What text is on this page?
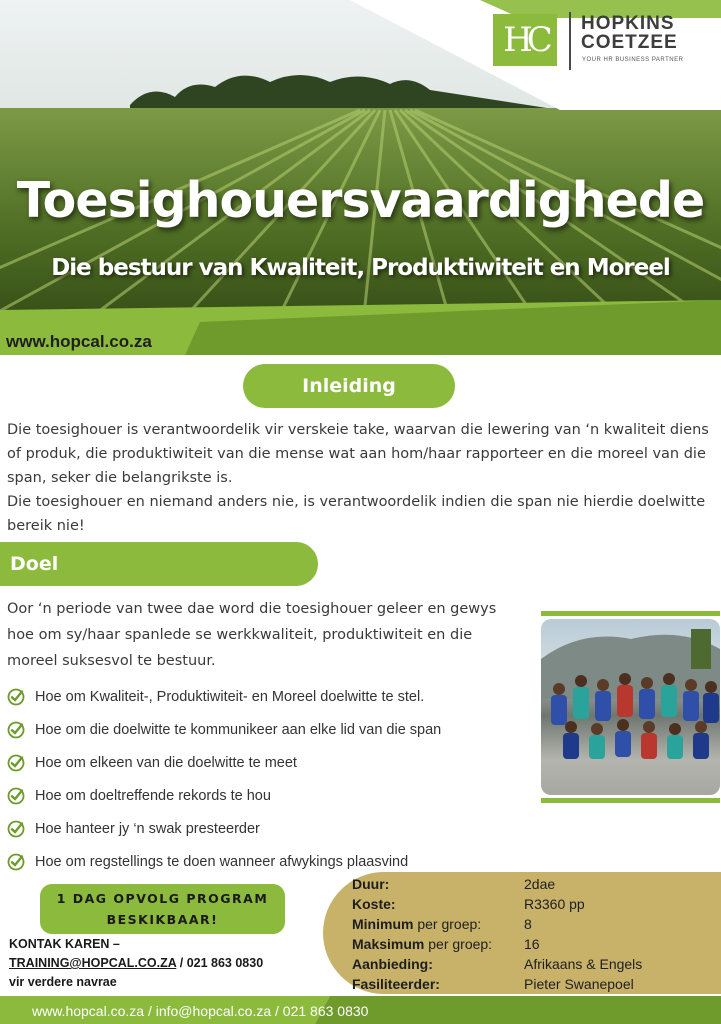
HC HOPKINS
COETZEE
YOUR HR BUSINESS PARTNER
Toesighouersvaardighede
Die bestuur van Kwaliteit, Produktiwiteit en Moreel
www.hopcal.co.za
Inleiding
Die toesighouer is verantwoordelik vir verskeie take, waarvan die lewering van ‘n kwaliteit diens of produk, die produktiwiteit van die mense wat aan hom/haar rapporteer en die moreel van die span, seker die belangrikste is.
Die toesighouer en niemand anders nie, is verantwoordelik indien die span nie hierdie doelwitte bereik nie!
Doel
Oor ‘n periode van twee dae word die toesighouer geleer en gewys hoe om sy/haar spanlede se werkkwaliteit, produktiwiteit en die moreel suksesvol te bestuur.
Hoe om Kwaliteit-, Produktiwiteit- en Moreel doelwitte te stel.
Hoe om die doelwitte te kommunikeer aan elke lid van die span
Hoe om elkeen van die doelwitte te meet
Hoe om doeltreffende rekords te hou
Hoe hanteer jy ‘n swak presteerder
Hoe om regstellings te doen wanneer afwykings plaasvind
1 DAG OPVOLG PROGRAM
BESKIKBAAR!
KONTAK KAREN –
TRAINING@HOPCAL.CO.ZA / 021 863 0830
vir verdere navrae
Duur:	2dae
Koste:	R3360 pp
Minimum per groep:	8
Maksimum per groep: 16
Aanbieding:	Afrikaans & Engels
Fasiliteerder:	Pieter Swanepoel
www.hopcal.co.za / info@hopcal.co.za / 021 863 0830
